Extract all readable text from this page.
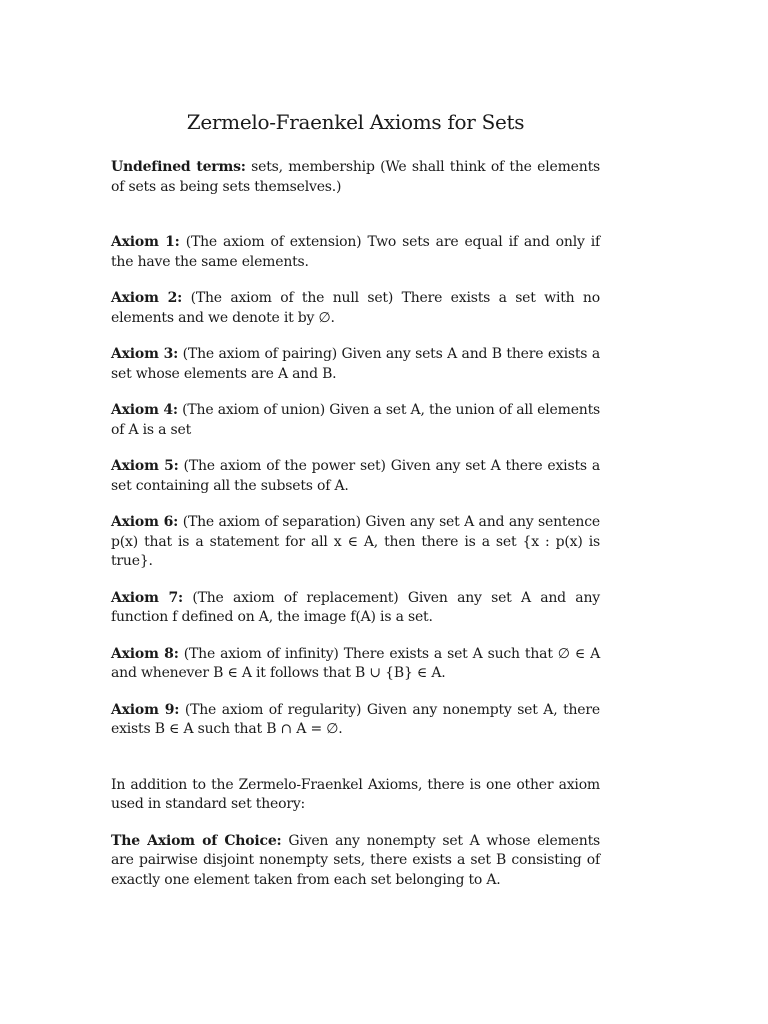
Zermelo-Fraenkel Axioms for Sets

Undefined terms: sets, membership (We shall think of the elements of sets as being sets themselves.)

Axiom 1: (The axiom of extension) Two sets are equal if and only if the have the same elements.

Axiom 2: (The axiom of the null set) There exists a set with no elements and we denote it by ∅.

Axiom 3: (The axiom of pairing) Given any sets A and B there exists a set whose elements are A and B.

Axiom 4: (The axiom of union) Given a set A, the union of all elements of A is a set

Axiom 5: (The axiom of the power set) Given any set A there exists a set containing all the subsets of A.

Axiom 6: (The axiom of separation) Given any set A and any sentence p(x) that is a statement for all x ∈ A, then there is a set {x : p(x) is true}.

Axiom 7: (The axiom of replacement) Given any set A and any function f defined on A, the image f(A) is a set.

Axiom 8: (The axiom of infinity) There exists a set A such that ∅ ∈ A and whenever B ∈ A it follows that B ∪ {B} ∈ A.

Axiom 9: (The axiom of regularity) Given any nonempty set A, there exists B ∈ A such that B ∩ A = ∅.

In addition to the Zermelo-Fraenkel Axioms, there is one other axiom used in standard set theory:

The Axiom of Choice: Given any nonempty set A whose elements are pairwise disjoint nonempty sets, there exists a set B consisting of exactly one element taken from each set belonging to A.
